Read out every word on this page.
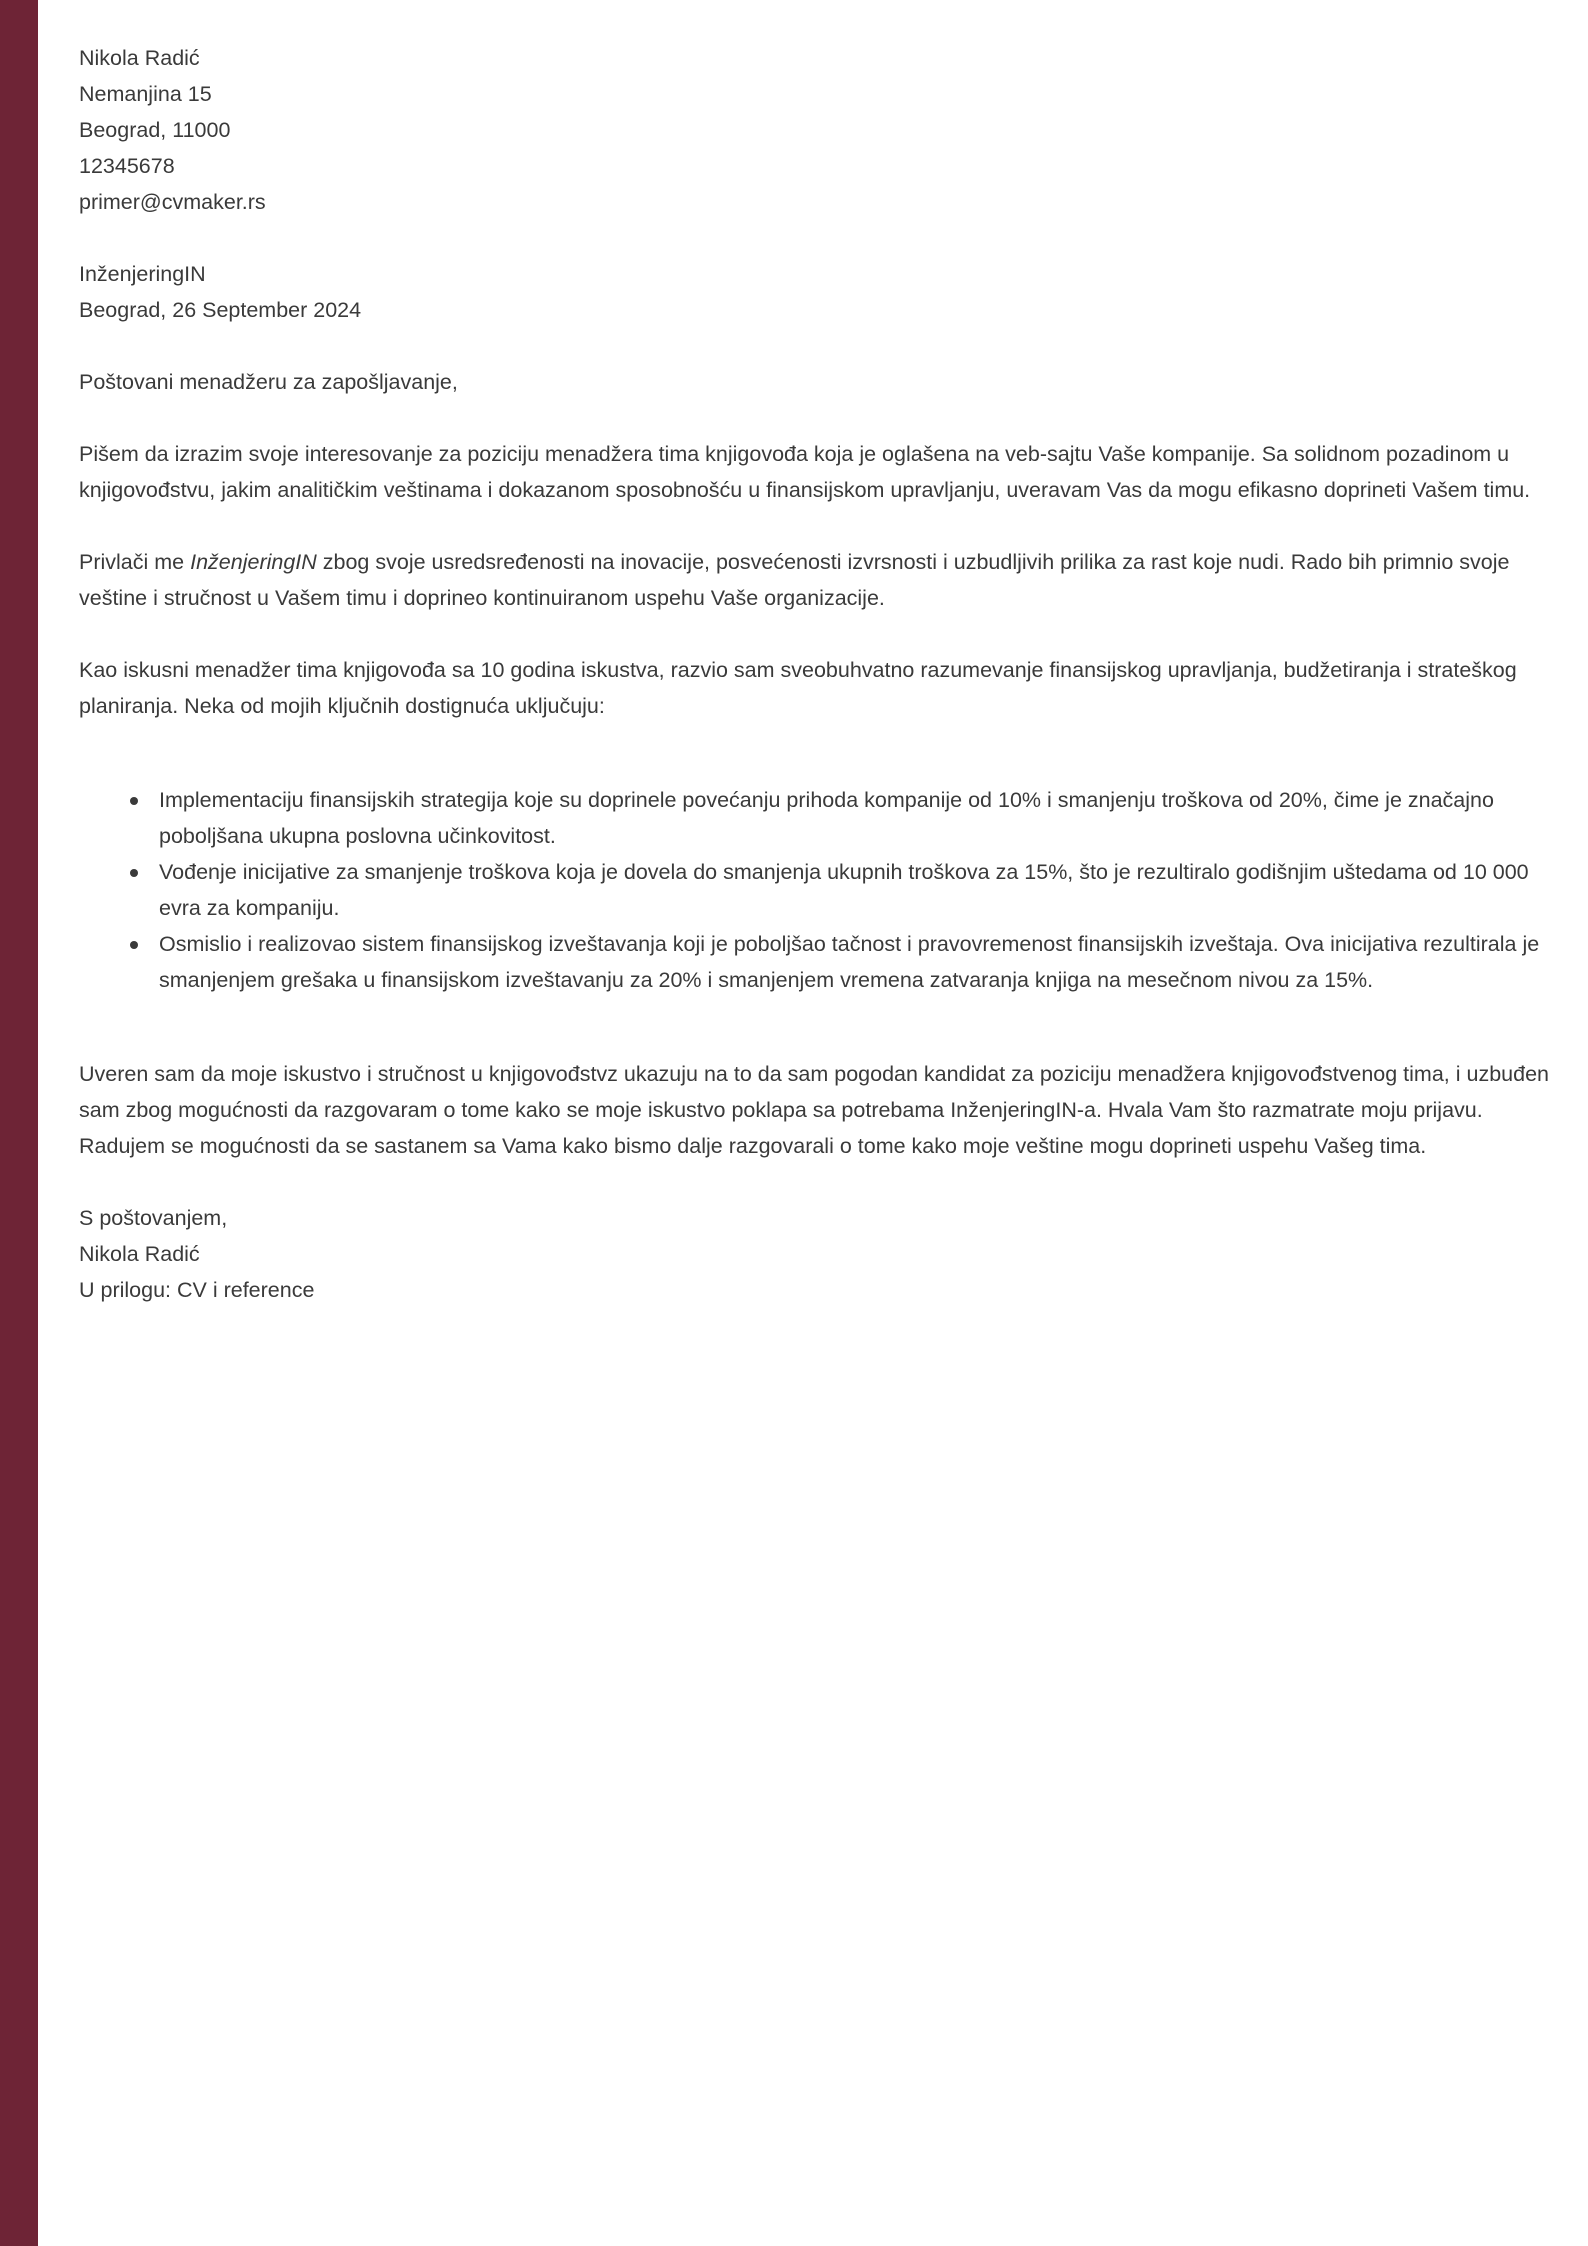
Nikola Radić
Nemanjina 15
Beograd, 11000
12345678
primer@cvmaker.rs
InženjeringIN
Beograd, 26 September 2024

Poštovani menadžeru za zapošljavanje,

Pišem da izrazim svoje interesovanje za poziciju menadžera tima knjigovođa koja je oglašena na veb-sajtu Vaše kompanije. Sa solidnom pozadinom u knjigovođstvu, jakim analitičkim veštinama i dokazanom sposobnošću u finansijskom upravljanju, uveravam Vas da mogu efikasno doprineti Vašem timu.

Privlači me InženjeringIN zbog svoje usredsređenosti na inovacije, posvećenosti izvrsnosti i uzbudljivih prilika za rast koje nudi. Rado bih primnio svoje veštine i stručnost u Vašem timu i doprineo kontinuiranom uspehu Vaše organizacije.

Kao iskusni menadžer tima knjigovođa sa 10 godina iskustva, razvio sam sveobuhvatno razumevanje finansijskog upravljanja, budžetiranja i strateškog planiranja. Neka od mojih ključnih dostignuća uključuju:

Implementaciju finansijskih strategija koje su doprinele povećanju prihoda kompanije od 10% i smanjenju troškova od 20%, čime je značajno poboljšana ukupna poslovna učinkovitost.
Vođenje inicijative za smanjenje troškova koja je dovela do smanjenja ukupnih troškova za 15%, što je rezultiralo godišnjim uštedama od 10 000 evra za kompaniju.
Osmislio i realizovao sistem finansijskog izveštavanja koji je poboljšao tačnost i pravovremenost finansijskih izveštaja. Ova inicijativa rezultirala je smanjenjem grešaka u finansijskom izveštavanju za 20% i smanjenjem vremena zatvaranja knjiga na mesečnom nivou za 15%.

Uveren sam da moje iskustvo i stručnost u knjigovođstvz ukazuju na to da sam pogodan kandidat za poziciju menadžera knjigovođstvenog tima, i uzbuđen sam zbog mogućnosti da razgovaram o tome kako se moje iskustvo poklapa sa potrebama InženjeringIN-a. Hvala Vam što razmatrate moju prijavu. Radujem se mogućnosti da se sastanem sa Vama kako bismo dalje razgovarali o tome kako moje veštine mogu doprineti uspehu Vašeg tima.

S poštovanjem,
Nikola Radić
U prilogu: CV i reference
